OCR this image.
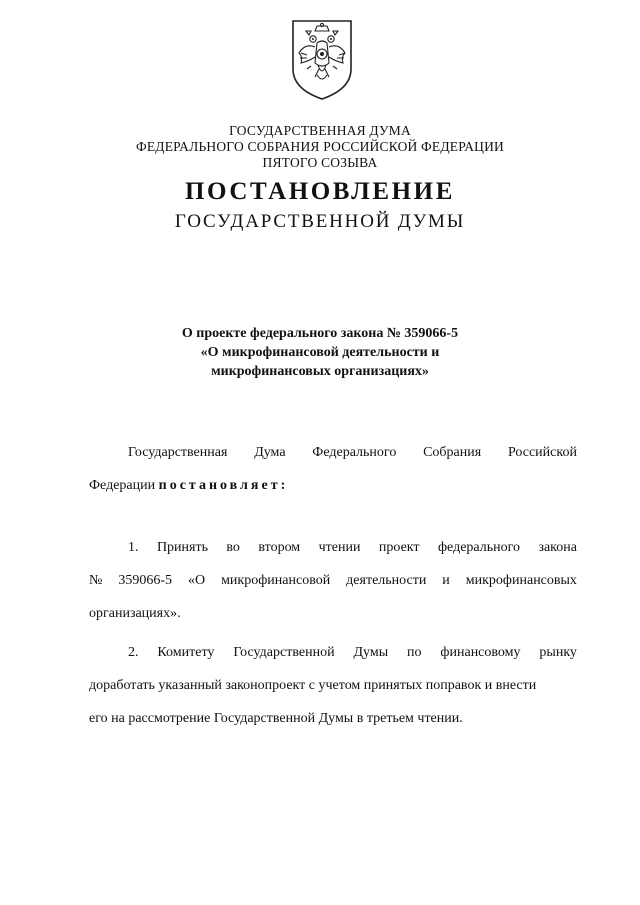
ГОСУДАРСТВЕННАЯ ДУМА
ФЕДЕРАЛЬНОГО СОБРАНИЯ РОССИЙСКОЙ ФЕДЕРАЦИИ
ПЯТОГО СОЗЫВА
ПОСТАНОВЛЕНИЕ
ГОСУДАРСТВЕННОЙ ДУМЫ
О проекте федерального закона № 359066-5
«О микрофинансовой деятельности и
микрофинансовых организациях»
Государственная Дума Федерального Собрания Российской
Федерации постановляет:
1. Принять во втором чтении проект федерального закона
№ 359066-5 «О микрофинансовой деятельности и микрофинансовых
организациях».
2. Комитету Государственной Думы по финансовому рынку
доработать указанный законопроект с учетом принятых поправок и внести
его на рассмотрение Государственной Думы в третьем чтении.
